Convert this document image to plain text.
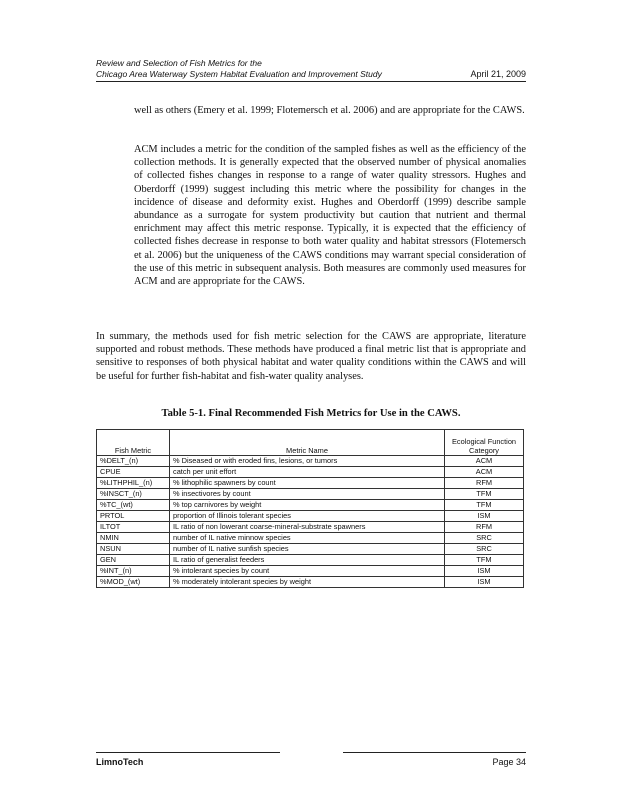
Review and Selection of Fish Metrics for the
Chicago Area Waterway System Habitat Evaluation and Improvement Study	April 21, 2009
well as others (Emery et al. 1999; Flotemersch et al. 2006) and are appropriate for the CAWS.
ACM includes a metric for the condition of the sampled fishes as well as the efficiency of the collection methods. It is generally expected that the observed number of physical anomalies of collected fishes changes in response to a range of water quality stressors. Hughes and Oberdorff (1999) suggest including this metric where the possibility for changes in the incidence of disease and deformity exist. Hughes and Oberdorff (1999) describe sample abundance as a surrogate for system productivity but caution that nutrient and thermal enrichment may affect this metric response. Typically, it is expected that the efficiency of collected fishes decrease in response to both water quality and habitat stressors (Flotemersch et al. 2006) but the uniqueness of the CAWS conditions may warrant special consideration of the use of this metric in subsequent analysis. Both measures are commonly used measures for ACM and are appropriate for the CAWS.
In summary, the methods used for fish metric selection for the CAWS are appropriate, literature supported and robust methods. These methods have produced a final metric list that is appropriate and sensitive to responses of both physical habitat and water quality conditions within the CAWS and will be useful for further fish-habitat and fish-water quality analyses.
Table 5-1. Final Recommended Fish Metrics for Use in the CAWS.
Fish Metric	Metric Name	Ecological Function Category
%DELT_(n)	% Diseased or with eroded fins, lesions, or tumors	ACM
CPUE	catch per unit effort	ACM
%LITHPHIL_(n)	% lithophilic spawners by count	RFM
%INSCT_(n)	% insectivores by count	TFM
%TC_(wt)	% top carnivores by weight	TFM
PRTOL	proportion of Illinois tolerant species	ISM
ILTOT	IL ratio of non lowerant coarse-mineral-substrate spawners	RFM
NMIN	number of IL native minnow species	SRC
NSUN	number of IL native sunfish species	SRC
GEN	IL ratio of generalist feeders	TFM
%INT_(n)	% intolerant species by count	ISM
%MOD_(wt)	% moderately intolerant species by weight	ISM
LimnoTech	Page 34
